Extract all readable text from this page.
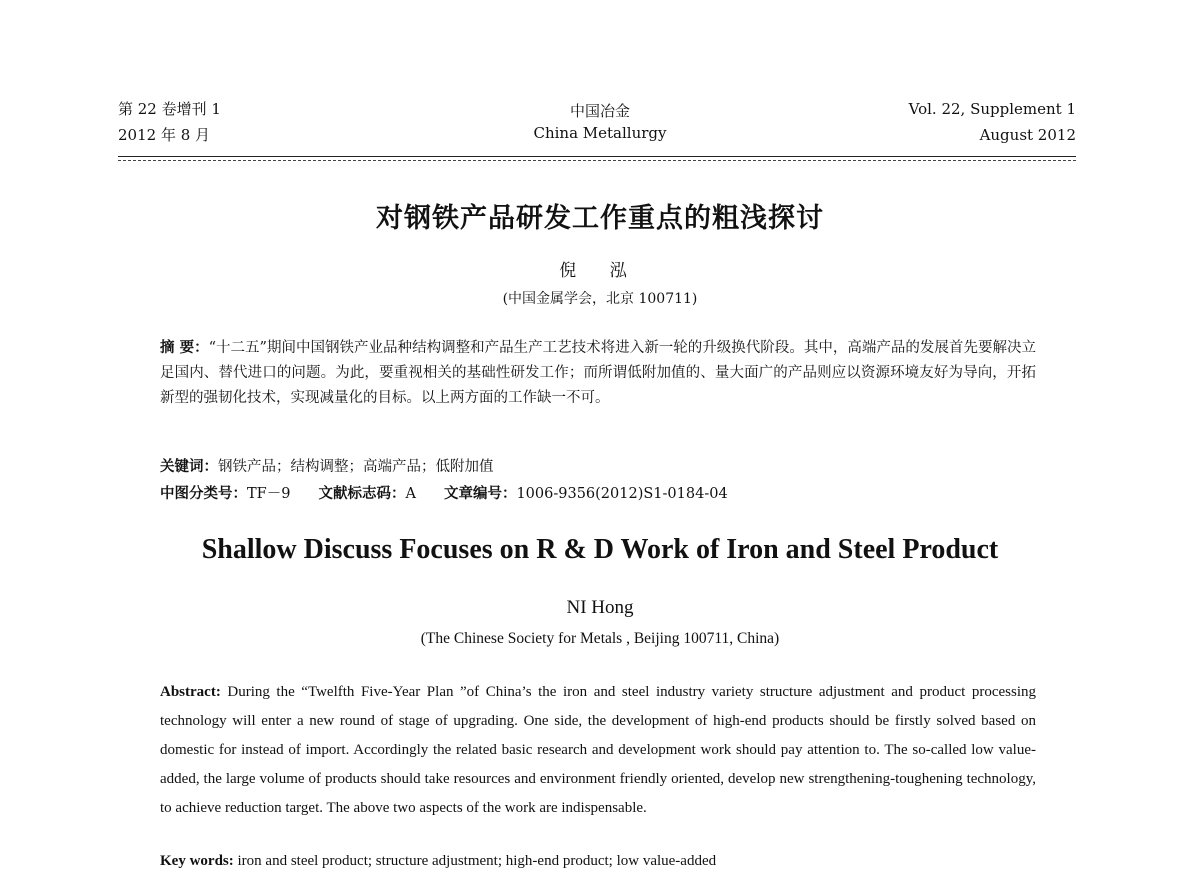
第 22 卷增刊 1
2012 年 8 月
中国冶金
China Metallurgy
Vol. 22, Supplement 1
August 2012
对钢铁产品研发工作重点的粗浅探讨
倪 泓
(中国金属学会，北京 100711)
摘 要：“十二五”期间中国钢铁产业品种结构调整和产品生产工艺技术将进入新一轮的升级换代阶段。其中，高端产品的发展首先要解决立足国内、替代进口的问题。为此，要重视相关的基础性研发工作；而所谓低附加值的、量大面广的产品则应以资源环境友好为导向，开拓新型的强韧化技术，实现减量化的目标。以上两方面的工作缺一不可。
关键词：钢铁产品；结构调整；高端产品；低附加值
中图分类号：TF－9 文献标志码：A 文章编号：1006-9356(2012)S1-0184-04
Shallow Discuss Focuses on R & D Work of Iron and Steel Product
NI Hong
(The Chinese Society for Metals , Beijing 100711, China)
Abstract: During the “Twelfth Five-Year Plan ”of China’s the iron and steel industry variety structure adjustment and product processing technology will enter a new round of stage of upgrading. One side, the development of high-end products should be firstly solved based on domestic for instead of import. Accordingly the related basic research and development work should pay attention to. The so-called low value-added, the large volume of products should take resources and environment friendly oriented, develop new strengthening-toughening technology, to achieve reduction target. The above two aspects of the work are indispensable.
Key words: iron and steel product; structure adjustment; high-end product; low value-added
